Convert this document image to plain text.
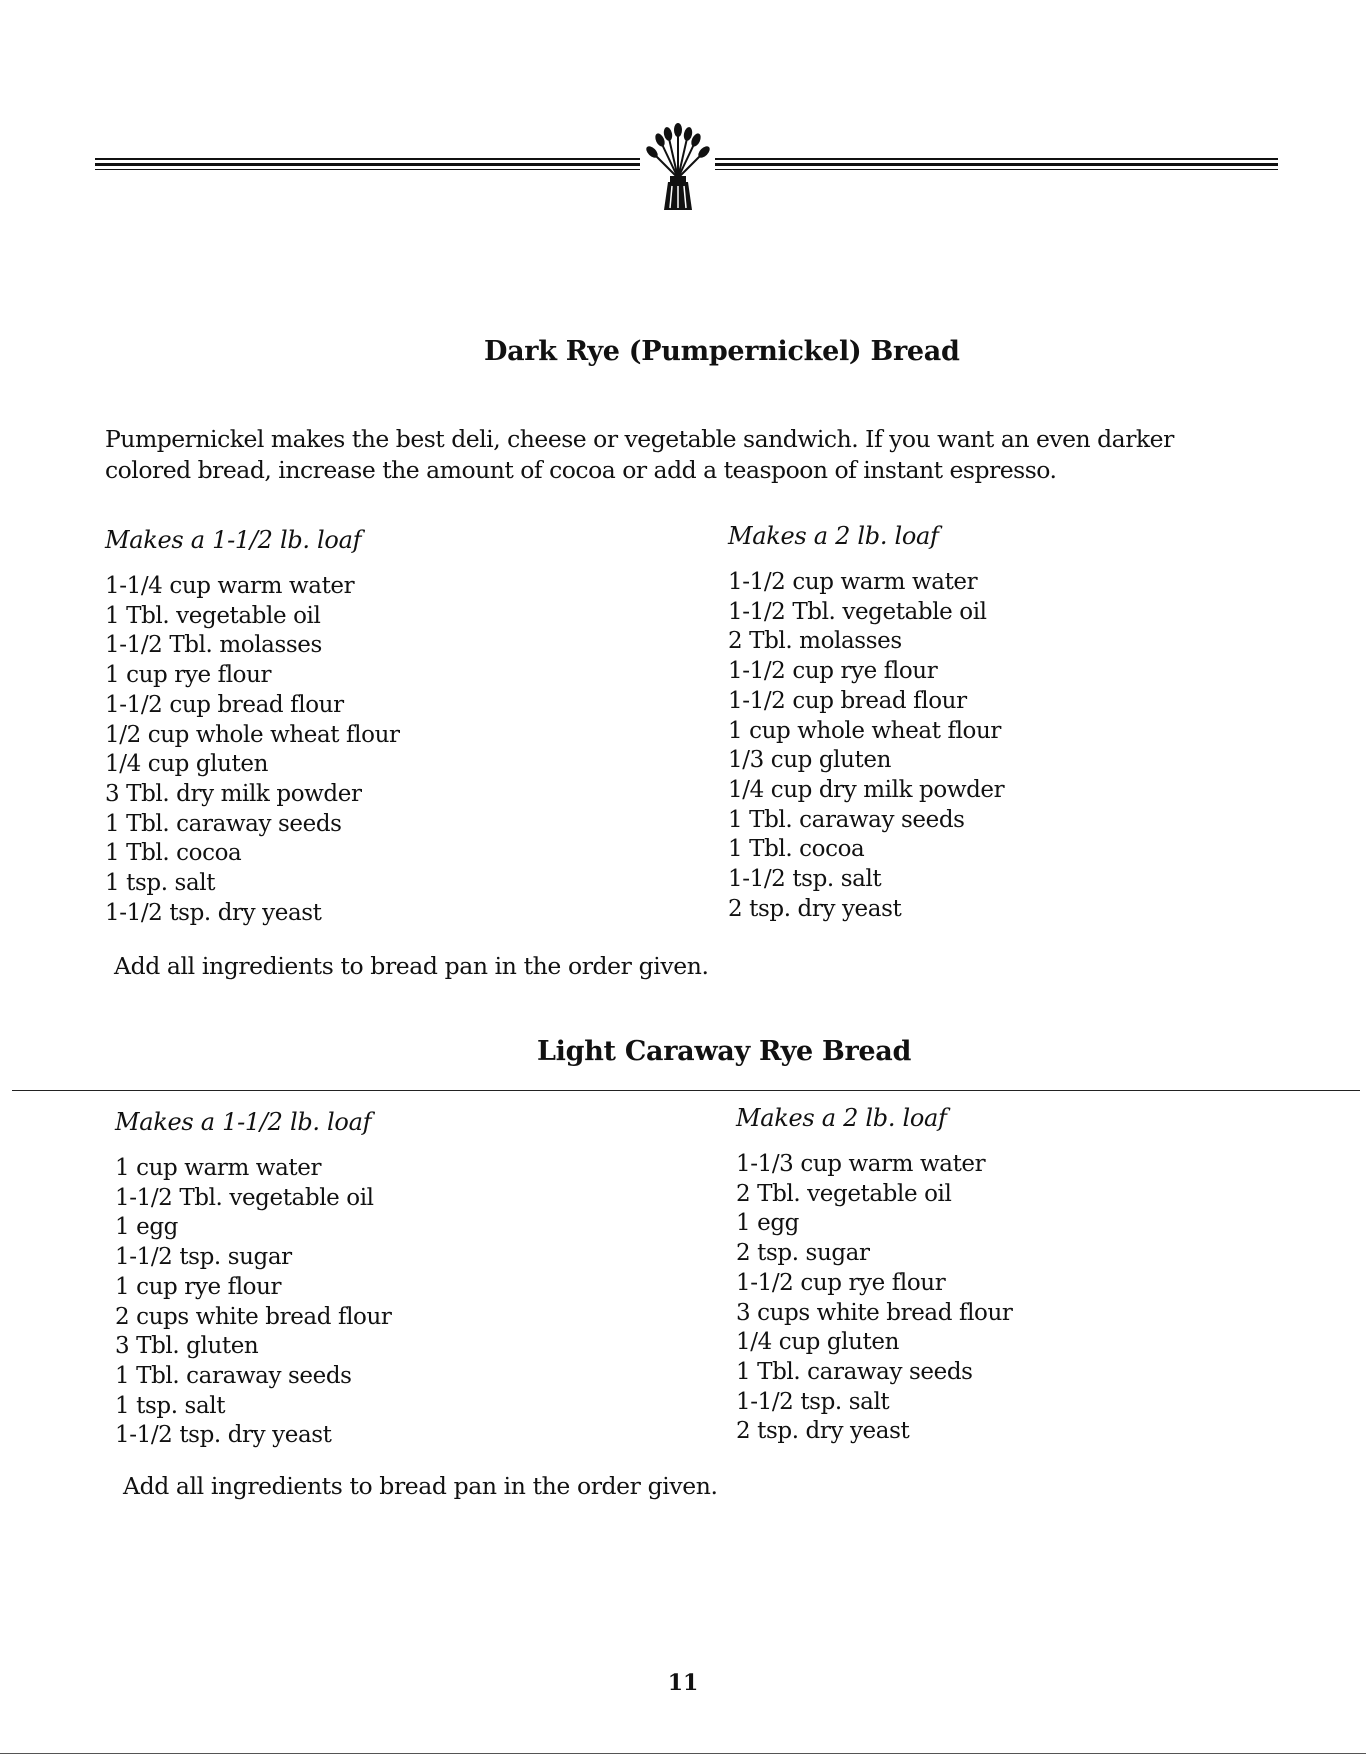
Dark Rye (Pumpernickel) Bread
Pumpernickel makes the best deli, cheese or vegetable sandwich. If you want an even darker colored bread, increase the amount of cocoa or add a teaspoon of instant espresso.
Makes a 1-1/2 lb. loaf
1-1/4 cup warm water
1 Tbl. vegetable oil
1-1/2 Tbl. molasses
1 cup rye flour
1-1/2 cup bread flour
1/2 cup whole wheat flour
1/4 cup gluten
3 Tbl. dry milk powder
1 Tbl. caraway seeds
1 Tbl. cocoa
1 tsp. salt
1-1/2 tsp. dry yeast
Makes a 2 lb. loaf
1-1/2 cup warm water
1-1/2 Tbl. vegetable oil
2 Tbl. molasses
1-1/2 cup rye flour
1-1/2 cup bread flour
1 cup whole wheat flour
1/3 cup gluten
1/4 cup dry milk powder
1 Tbl. caraway seeds
1 Tbl. cocoa
1-1/2 tsp. salt
2 tsp. dry yeast
Add all ingredients to bread pan in the order given.
Light Caraway Rye Bread
Makes a 1-1/2 lb. loaf
1 cup warm water
1-1/2 Tbl. vegetable oil
1 egg
1-1/2 tsp. sugar
1 cup rye flour
2 cups white bread flour
3 Tbl. gluten
1 Tbl. caraway seeds
1 tsp. salt
1-1/2 tsp. dry yeast
Makes a 2 lb. loaf
1-1/3 cup warm water
2 Tbl. vegetable oil
1 egg
2 tsp. sugar
1-1/2 cup rye flour
3 cups white bread flour
1/4 cup gluten
1 Tbl. caraway seeds
1-1/2 tsp. salt
2 tsp. dry yeast
Add all ingredients to bread pan in the order given.
11
